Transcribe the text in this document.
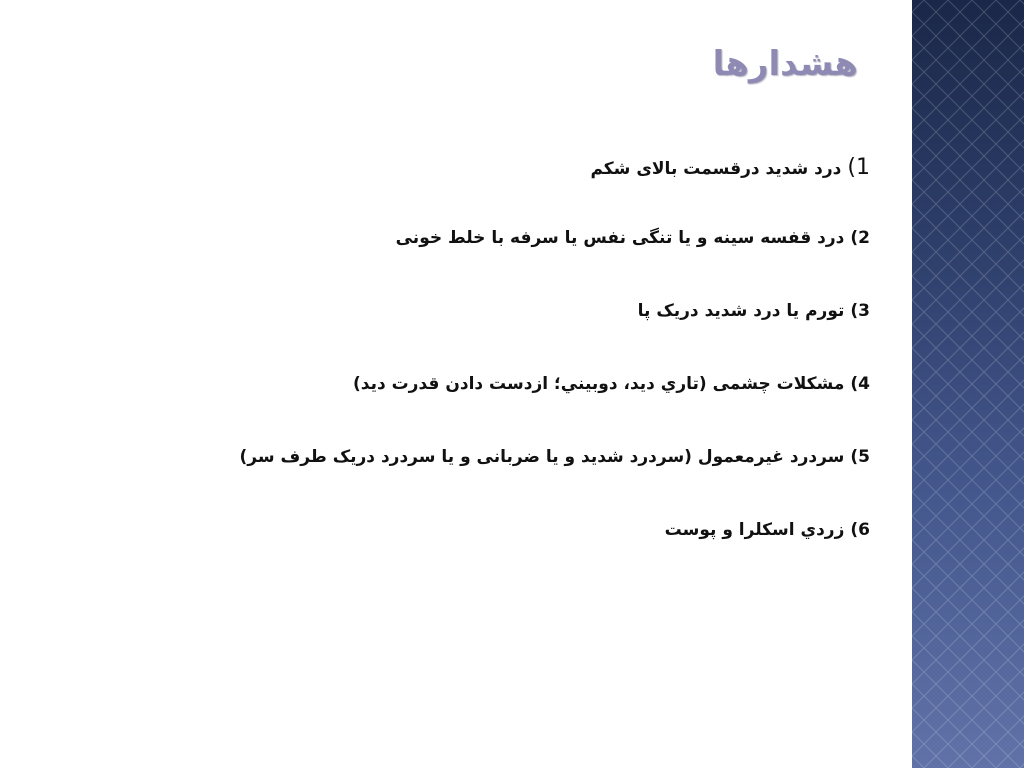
هشدارها
1)درد شدید درقسمت بالای شکم
2)درد قفسه سینه و یا تنگی نفس یا سرفه با خلط خونی
3)تورم یا درد شدید دریک پا
4)مشکلات چشمی (تاري دید، دوبيني؛ ازدست دادن قدرت دید)
5)سردرد غیرمعمول (سردرد شدید و یا ضربانی و یا سردرد دریک طرف سر)
6)زردي اسکلرا و پوست
